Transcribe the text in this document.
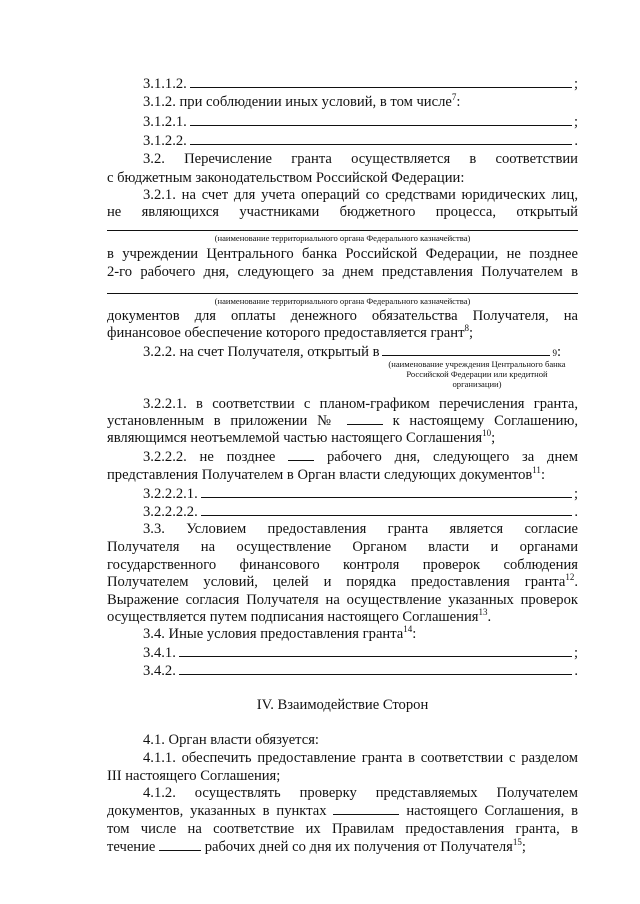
3.1.1.2.	;
3.1.2. при соблюдении иных условий, в том числе$^7$:
3.1.2.1.	;
3.1.2.2.	.
3.2. Перечисление гранта осуществляется в соответствии
с бюджетным законодательством Российской Федерации:
3.2.1. на счет для учета операций со средствами юридических лиц,
не являющихся участниками бюджетного процесса, открытый
(наименование территориального органа Федерального казначейства)
в учреждении Центрального банка Российской Федерации, не позднее
2-го рабочего дня, следующего за днем представления Получателем в
(наименование территориального органа Федерального казначейства)
документов для оплаты денежного обязательства Получателя, на
финансовое обеспечение которого предоставляется грант$^8$;
3.2.2. на счет Получателя, открытый в	9 :
(наименование учреждения Центрального банка Российской Федерации или кредитной организации)
3.2.2.1. в соответствии с планом-графиком перечисления гранта,
установленным в приложении №	к настоящему Соглашению,
являющимся неотъемлемой частью настоящего Соглашения$^{10}$;
3.2.2.2. не позднее	рабочего дня, следующего за днем
представления Получателем в Орган власти следующих документов$^{11}$:
3.2.2.2.1.	;
3.2.2.2.2.	.
3.3. Условием предоставления гранта является согласие
Получателя на осуществление Органом власти и органами
государственного финансового контроля проверок соблюдения
Получателем условий, целей и порядка предоставления гранта$^{12}$.
Выражение согласия Получателя на осуществление указанных проверок
осуществляется путем подписания настоящего Соглашения$^{13}$.
3.4. Иные условия предоставления гранта$^{14}$:
3.4.1.	;
3.4.2.	.
IV. Взаимодействие Сторон
4.1. Орган власти обязуется:
4.1.1. обеспечить предоставление гранта в соответствии с разделом
III настоящего Соглашения;
4.1.2. осуществлять проверку представляемых Получателем
документов, указанных в пунктах	настоящего Соглашения, в
том числе на соответствие их Правилам предоставления гранта, в
течение	рабочих дней со дня их получения от Получателя$^{15}$;
